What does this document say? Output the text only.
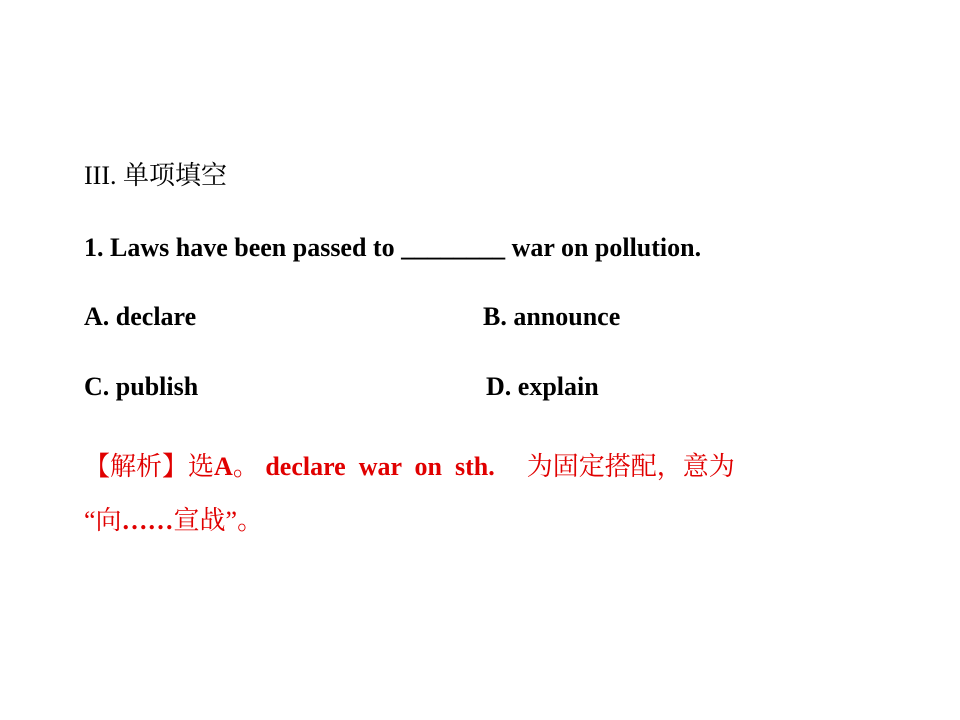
III. 单项填空
1. Laws have been passed to ________ war on pollution.
A. declare	B. announce
C. publish	D. explain
【解析】选A。 declare  war  on  sth. 为固定搭配，意为
“向……宣战”。
